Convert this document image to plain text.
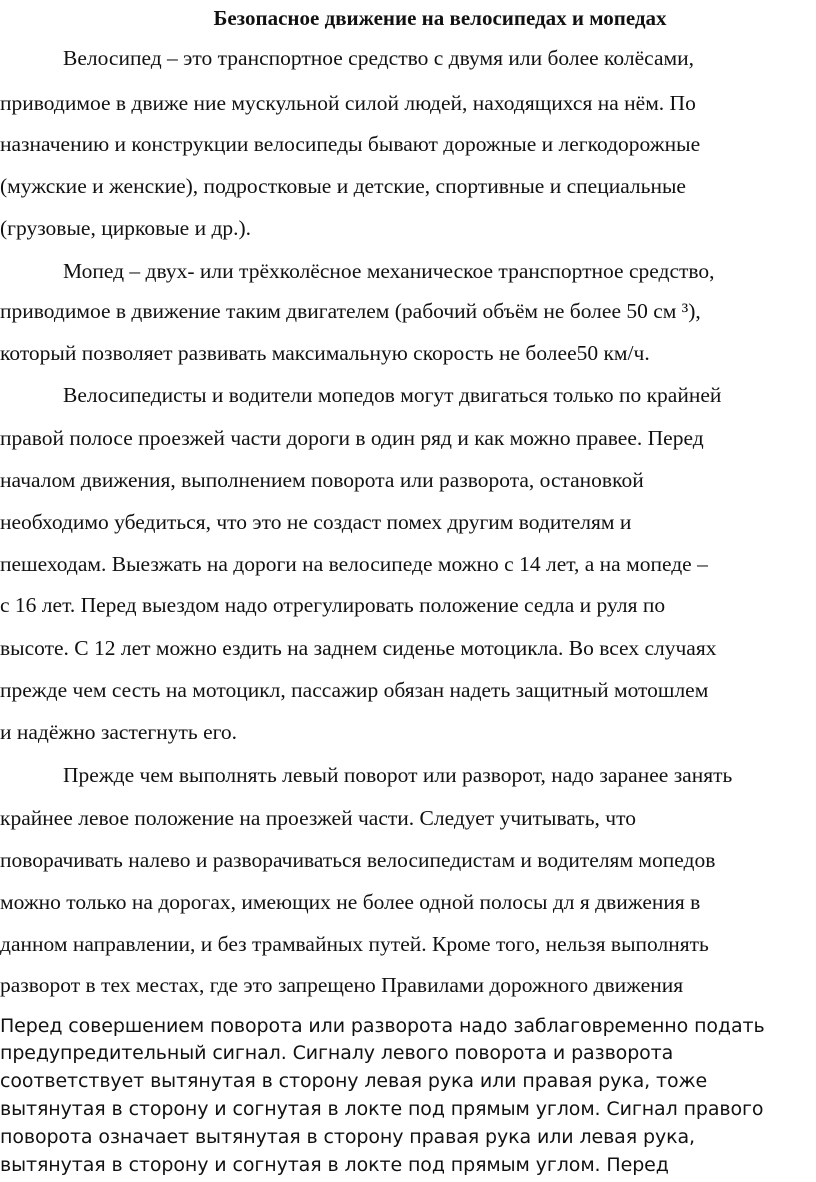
Безопасное движение на велосипедах и мопедах
Велосипед – это транспортное средство с двумя или более колёсами,
приводимое в движе ние мускульной силой людей, находящихся на нём. По
назначению и конструкции велосипеды бывают дорожные и легкодорожные
(мужские и женские), подростковые и детские, спортивные и специальные
(грузовые, цирковые и др.).
Мопед – двух- или трёхколёсное механическое транспортное средство,
приводимое в движение таким двигателем (рабочий объём не более 50 см ³),
который позволяет развивать максимальную скорость не более50 км/ч.
Велосипедисты и водители мопедов могут двигаться только по крайней
правой полосе проезжей части дороги в один ряд и как можно правее. Перед
началом движения, выполнением поворота или разворота, остановкой
необходимо убедиться, что это не создаст помех другим водителям и
пешеходам. Выезжать на дороги на велосипеде можно с 14 лет, а на мопеде –
с 16 лет. Перед выездом надо отрегулировать положение седла и руля по
высоте. С 12 лет можно ездить на заднем сиденье мотоцикла. Во всех случаях
прежде чем сесть на мотоцикл, пассажир обязан надеть защитный мотошлем
и надёжно застегнуть его.
Прежде чем выполнять левый поворот или разворот, надо заранее занять
крайнее левое положение на проезжей части. Следует учитывать, что
поворачивать налево и разворачиваться велосипедистам и водителям мопедов
можно только на дорогах, имеющих не более одной полосы дл я движения в
данном направлении, и без трамвайных путей. Кроме того, нельзя выполнять
разворот в тех местах, где это запрещено Правилами дорожного движения
Перед совершением поворота или разворота надо заблаговременно подать
предупредительный сигнал. Сигналу левого поворота и разворота
соответствует вытянутая в сторону левая рука или правая рука, тоже
вытянутая в сторону и согнутая в локте под прямым углом. Сигнал правого
поворота означает вытянутая в сторону правая рука или левая рука,
вытянутая в сторону и согнутая в локте под прямым углом. Перед
